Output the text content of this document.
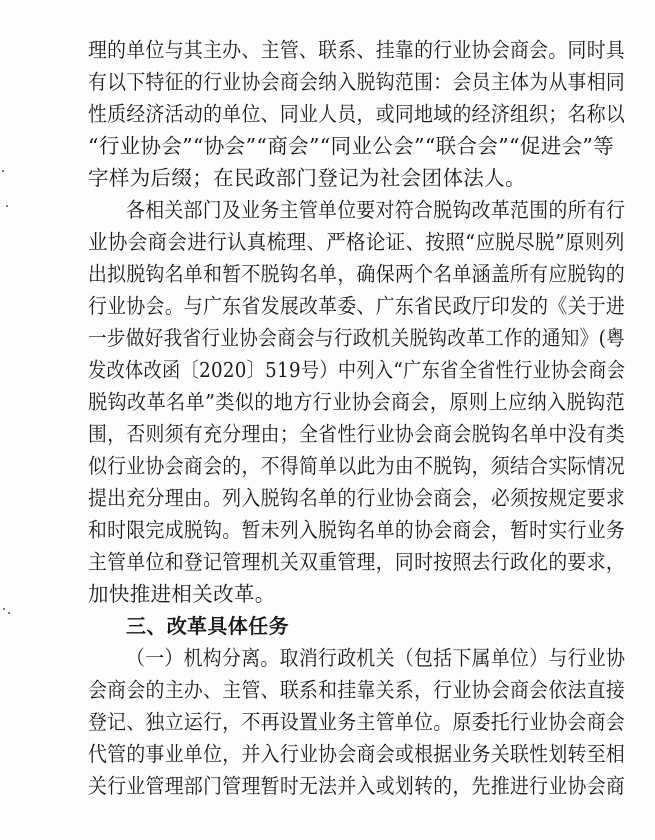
理的单位与其主办、主管、联系、挂靠的行业协会商会。同时具
有以下特征的行业协会商会纳入脱钩范围：会员主体为从事相同
性质经济活动的单位、同业人员，或同地域的经济组织；名称以
“行业协会”“协会”“商会”“同业公会”“联合会”“促进会”等
字样为后缀；在民政部门登记为社会团体法人。
各相关部门及业务主管单位要对符合脱钩改革范围的所有行
业协会商会进行认真梳理、严格论证、按照“应脱尽脱”原则列
出拟脱钩名单和暂不脱钩名单，确保两个名单涵盖所有应脱钩的
行业协会。与广东省发展改革委、广东省民政厅印发的《关于进
一步做好我省行业协会商会与行政机关脱钩改革工作的通知》(粤
发改体改函〔2020〕519号）中列入“广东省全省性行业协会商会
脱钩改革名单”类似的地方行业协会商会，原则上应纳入脱钩范
围，否则须有充分理由；全省性行业协会商会脱钩名单中没有类
似行业协会商会的，不得简单以此为由不脱钩，须结合实际情况
提出充分理由。列入脱钩名单的行业协会商会，必须按规定要求
和时限完成脱钩。暂未列入脱钩名单的协会商会，暂时实行业务
主管单位和登记管理机关双重管理，同时按照去行政化的要求，
加快推进相关改革。
三、改革具体任务
（一）机构分离。取消行政机关（包括下属单位）与行业协
会商会的主办、主管、联系和挂靠关系，行业协会商会依法直接
登记、独立运行，不再设置业务主管单位。原委托行业协会商会
代管的事业单位，并入行业协会商会或根据业务关联性划转至相
关行业管理部门管理暂时无法并入或划转的，先推进行业协会商
